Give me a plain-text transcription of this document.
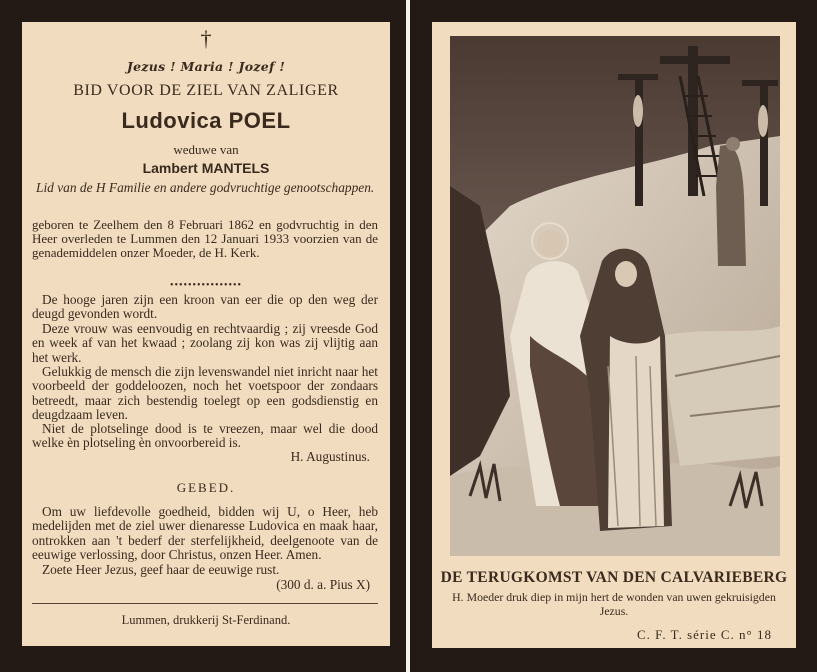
†

Jezus ! Maria ! Jozef !

BID VOOR DE ZIEL VAN ZALIGER

Ludovica POEL

weduwe van

Lambert MANTELS

Lid van de H Familie en andere godvruchtige genootschappen.

geboren te Zeelhem den 8 Februari 1862 en godvruchtig in den Heer overleden te Lummen den 12 Januari 1933 voorzien van de genademiddelen onzer Moeder, de H. Kerk.

••••••••••••••••

De hooge jaren zijn een kroon van eer die op den weg der deugd gevonden wordt.

Deze vrouw was eenvoudig en rechtvaardig ; zij vreesde God en week af van het kwaad ; zoolang zij kon was zij vlijtig aan het werk.

Gelukkig de mensch die zijn levenswandel niet inricht naar het voorbeeld der goddeloozen, noch het voetspoor der zondaars betreedt, maar zich bestendig toelegt op een godsdienstig en deugdzaam leven.

Niet de plotselinge dood is te vreezen, maar wel die dood welke èn plotseling èn onvoorbereid is.
H. Augustinus.

GEBED.

Om uw liefdevolle goedheid, bidden wij U, o Heer, heb medelijden met de ziel uwer dienaresse Ludovica en maak haar, ontrokken aan 't bederf der sterfelijkheid, deelgenoote van de eeuwige verlossing, door Christus, onzen Heer. Amen.

Zoete Heer Jezus, geef haar de eeuwige rust.

(300 d. a. Pius X)

Lummen, drukkerij St-Ferdinand.

DE TERUGKOMST VAN DEN CALVARIEBERG

H. Moeder druk diep in mijn hert de wonden van uwen gekruisigden Jezus.

C. F. T. série C. n° 18
